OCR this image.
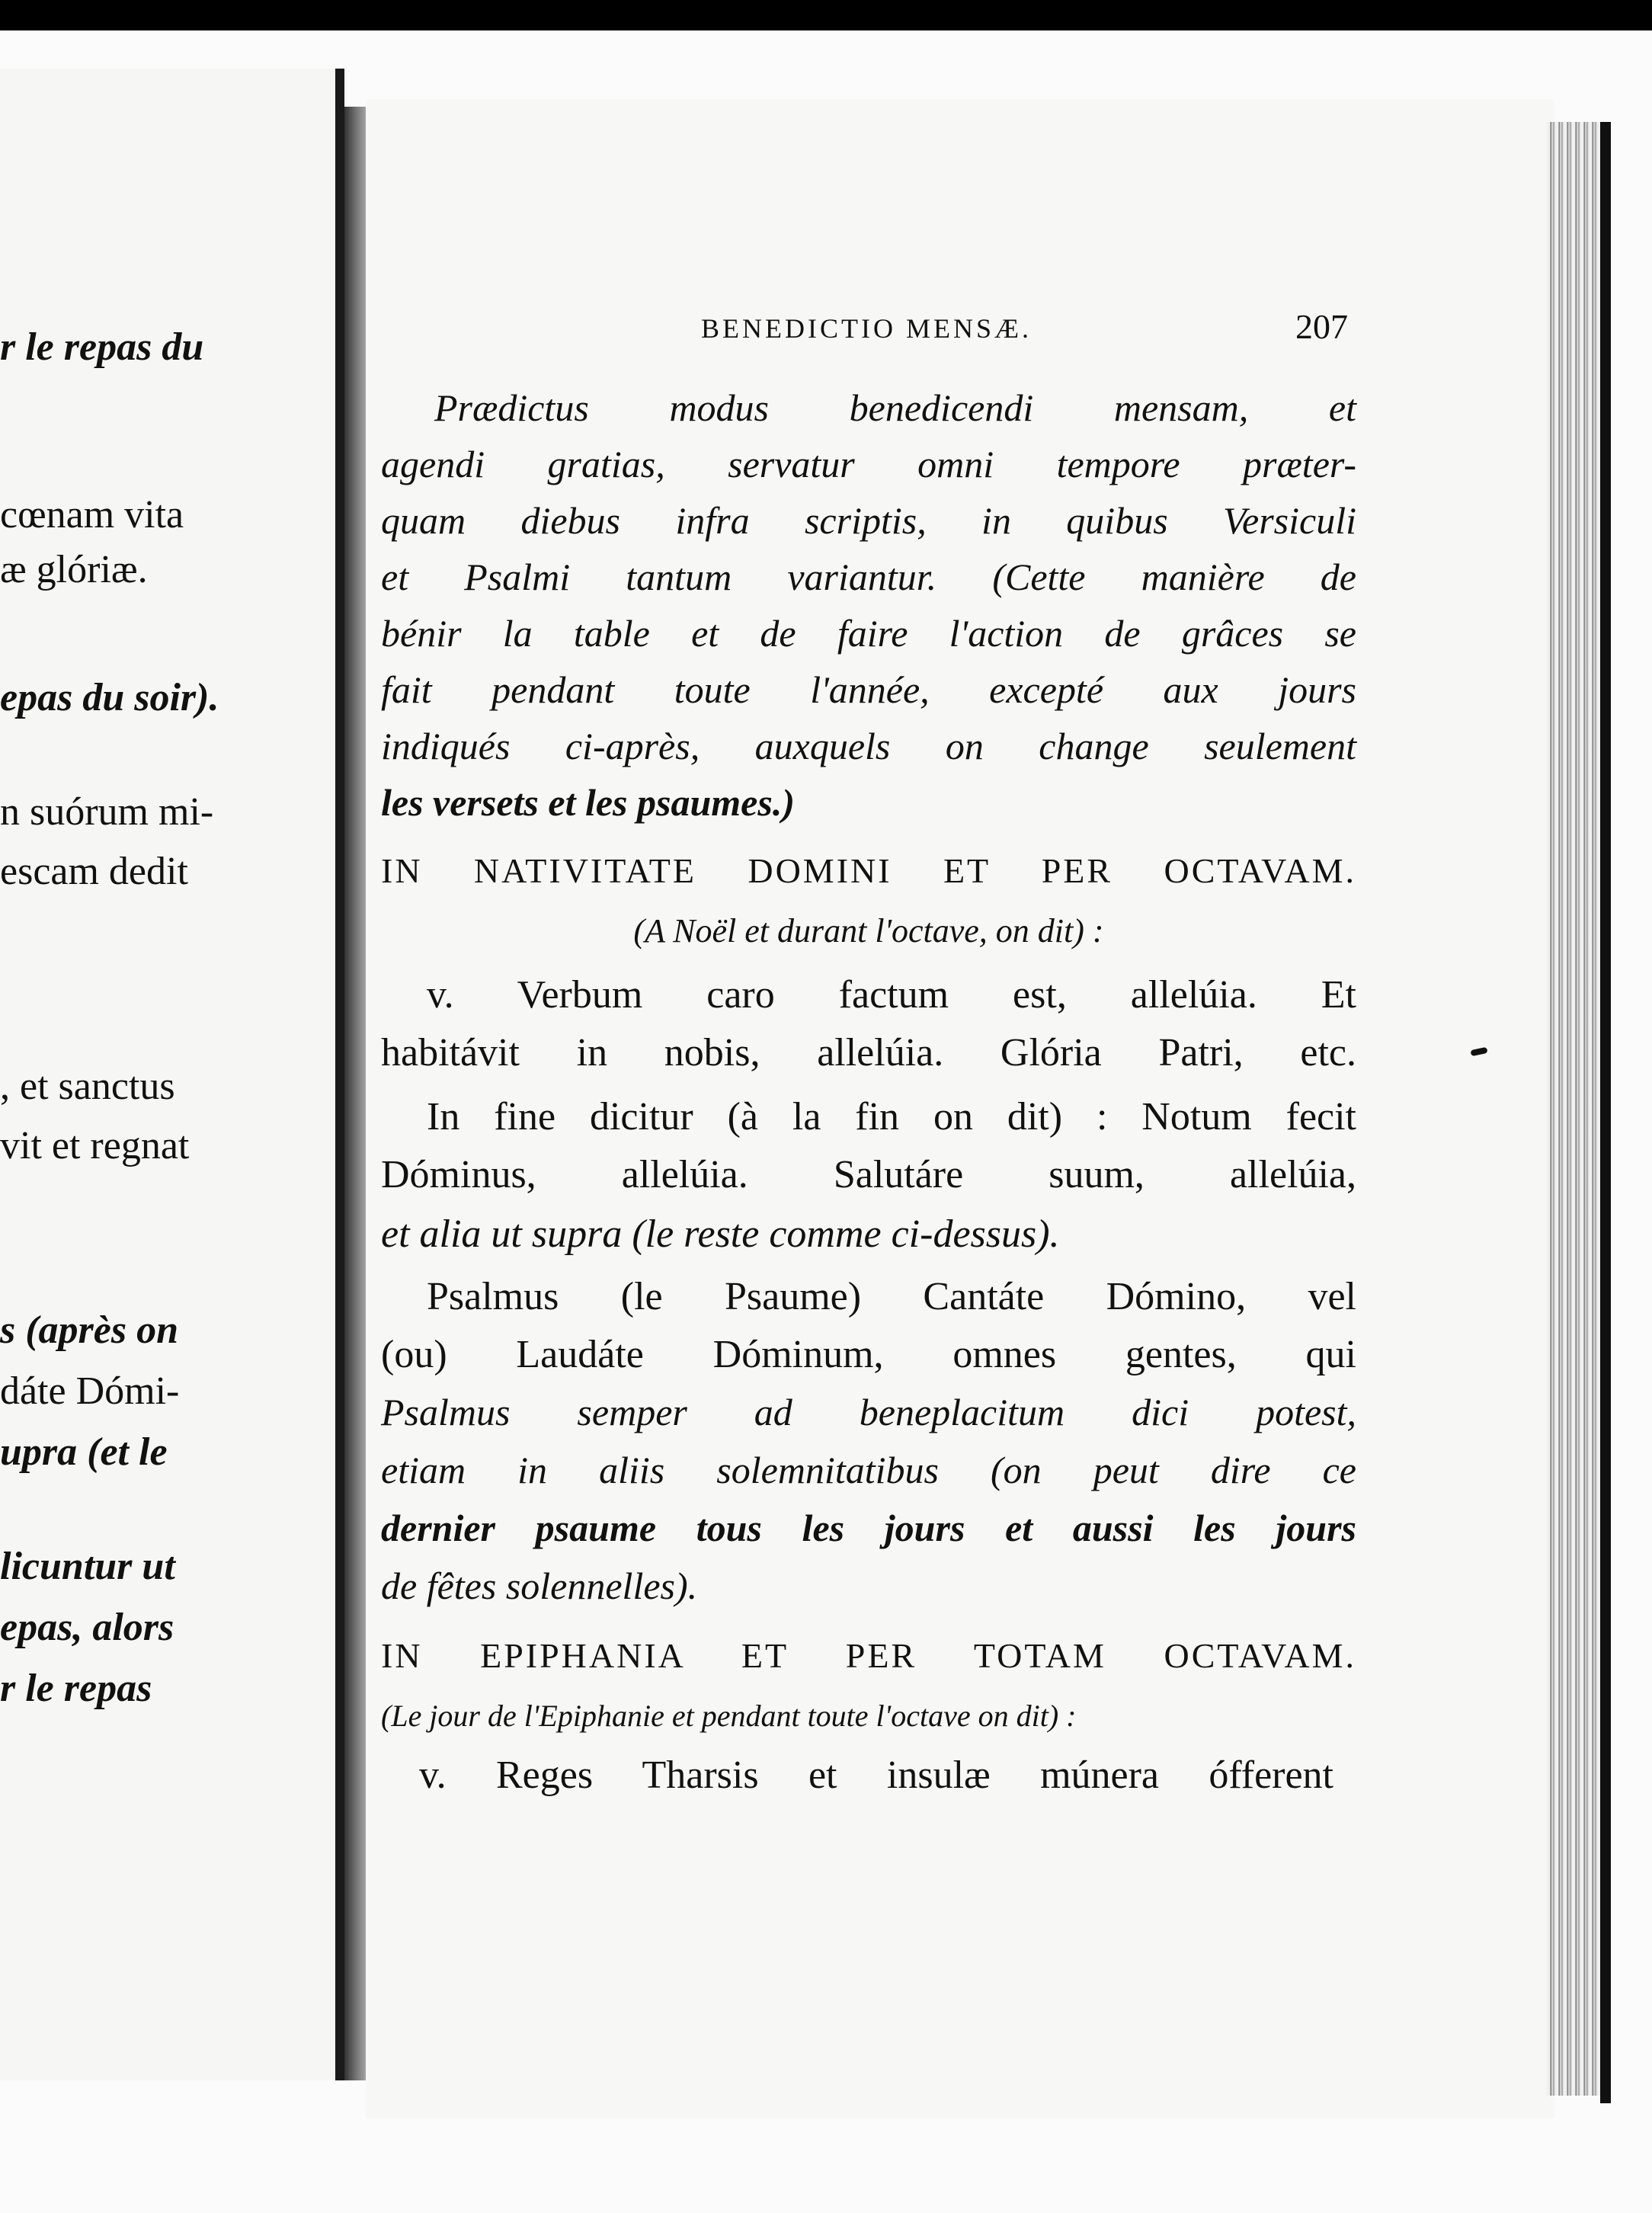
r le repas du
cœnam vita
æ glóriæ.
epas du soir).
n suórum mi-
escam dedit
, et sanctus
vit et regnat
s (après on
dáte Dómi-
upra (et le
licuntur ut
epas, alors
r le repas
BENEDICTIO MENSÆ.	207
Prædictus modus benedicendi mensam, et
agendi gratias, servatur omni tempore præter-
quam diebus infra scriptis, in quibus Versiculi
et Psalmi tantum variantur. (Cette manière de
bénir la table et de faire l'action de grâces se
fait pendant toute l'année, excepté aux jours
indiqués ci-après, auxquels on change seulement
les versets et les psaumes.)
IN NATIVITATE DOMINI ET PER OCTAVAM.
(A Noël et durant l'octave, on dit) :
v. Verbum caro factum est, allelúia. Et
habitávit in nobis, allelúia. Glória Patri, etc.
In fine dicitur (à la fin on dit) : Notum fecit
Dóminus, allelúia. Salutáre suum, allelúia,
et alia ut supra (le reste comme ci-dessus).
Psalmus (le Psaume) Cantáte Dómino, vel
(ou) Laudáte Dóminum, omnes gentes, qui
Psalmus semper ad beneplacitum dici potest,
etiam in aliis solemnitatibus (on peut dire ce
dernier psaume tous les jours et aussi les jours
de fêtes solennelles).
IN EPIPHANIA ET PER TOTAM OCTAVAM.
(Le jour de l'Epiphanie et pendant toute l'octave on dit) :
v. Reges Tharsis et insulæ múnera ófferent
